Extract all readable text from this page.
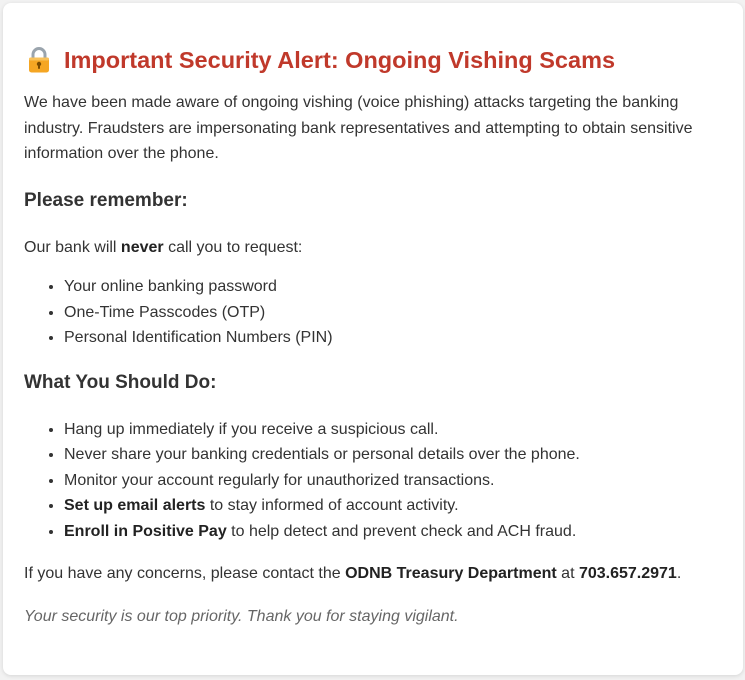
Important Security Alert: Ongoing Vishing Scams

We have been made aware of ongoing vishing (voice phishing) attacks targeting the banking industry. Fraudsters are impersonating bank representatives and attempting to obtain sensitive information over the phone.

Please remember:

Our bank will never call you to request:

• Your online banking password
• One-Time Passcodes (OTP)
• Personal Identification Numbers (PIN)
What You Should Do:
• Hang up immediately if you receive a suspicious call.
• Never share your banking credentials or personal details over the phone.
• Monitor your account regularly for unauthorized transactions.
• Set up email alerts to stay informed of account activity.
• Enroll in Positive Pay to help detect and prevent check and ACH fraud.

If you have any concerns, please contact the ODNB Treasury Department at 703.657.2971.

Your security is our top priority. Thank you for staying vigilant.
